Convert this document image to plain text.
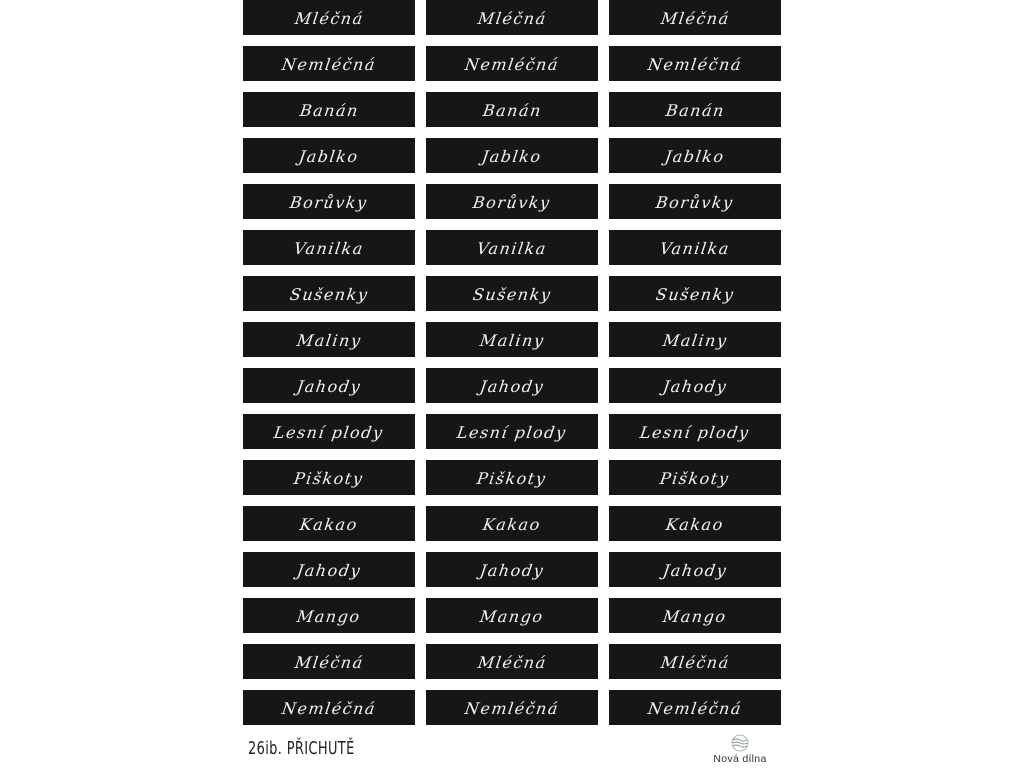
Mléčná
Nemléčná
Banán
Jablko
Borůvky
Vanilka
Sušenky
Maliny
Jahody
Lesní plody
Piškoty
Kakao
Jahody
Mango
Mléčná
Nemléčná
Mléčná
Nemléčná
Banán
Jablko
Borůvky
Vanilka
Sušenky
Maliny
Jahody
Lesní plody
Piškoty
Kakao
Jahody
Mango
Mléčná
Nemléčná
Mléčná
Nemléčná
Banán
Jablko
Borůvky
Vanilka
Sušenky
Maliny
Jahody
Lesní plody
Piškoty
Kakao
Jahody
Mango
Mléčná
Nemléčná
26ib. PŘICHUTĚ	Nová dílna
